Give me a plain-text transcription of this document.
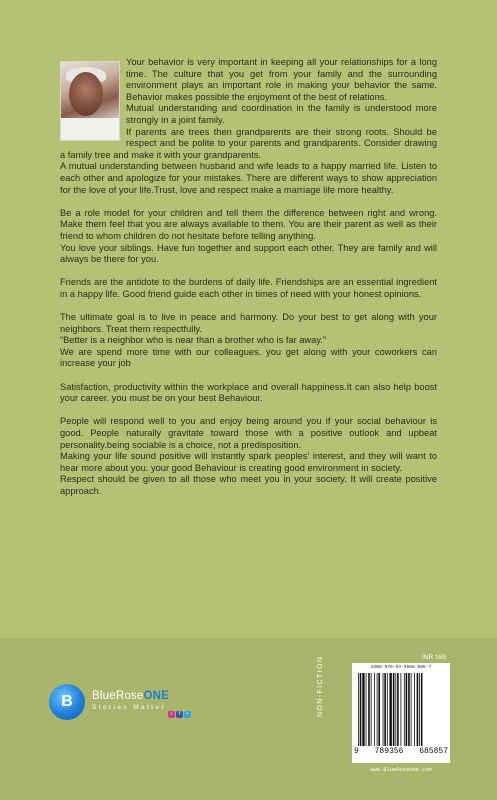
Your behavior is very important in keeping all your relationships for a long time. The culture that you get from your family and the surrounding environment plays an important role in making your behavior the same. Behavior makes possible the enjoyment of the best of relations.

Mutual understanding and coordination in the family is understood more strongly in a joint family.

If parents are trees then grandparents are their strong roots. Should be respect and be polite to your parents and grandparents. Consider drawing a family tree and make it with your grandparents.

A mutual understanding between husband and wife leads to a happy married life. Listen to each other and apologize for your mistakes. There are different ways to show appreciation for the love of your life.Trust, love and respect make a marriage life more healthy.

Be a role model for your children and tell them the difference between right and wrong. Make them feel that you are always available to them. You are their parent as well as their friend to whom children do not hesitate before telling anything.

You love your siblings. Have fun together and support each other. They are family and will always be there for you.

Friends are the antidote to the burdens of daily life. Friendships are an essential ingredient in a happy life. Good friend guide each other in times of need with your honest opinions.

The ultimate goal is to live in peace and harmony. Do your best to get along with your neighbors. Treat them respectfully.

“Better is a neighbor who is near than a brother who is far away.”

We are spend more time with our colleagues. you get along with your coworkers can increase your job

Satisfaction, productivity within the workplace and overall happiness.It can also help boost your career. you must be on your best Behaviour.

People will respond well to you and enjoy being around you if your social behaviour is good. People naturally gravitate toward those with a positive outlook and upbeat personality.being sociable is a choice, not a predisposition.

Making your life sound positive will instantly spark peoples' interest, and they will want to hear more about you. your good Behaviour is creating good environment in society.

Respect should be given to all those who meet you in your society. It will create positive approach.

B	BlueRoseONE
Stories Matter
○	f	•	NON-FICTION	INR 199
ISBN 978-93-5668-585-7
9 789356 685857
www.BlueRoseOne.com
